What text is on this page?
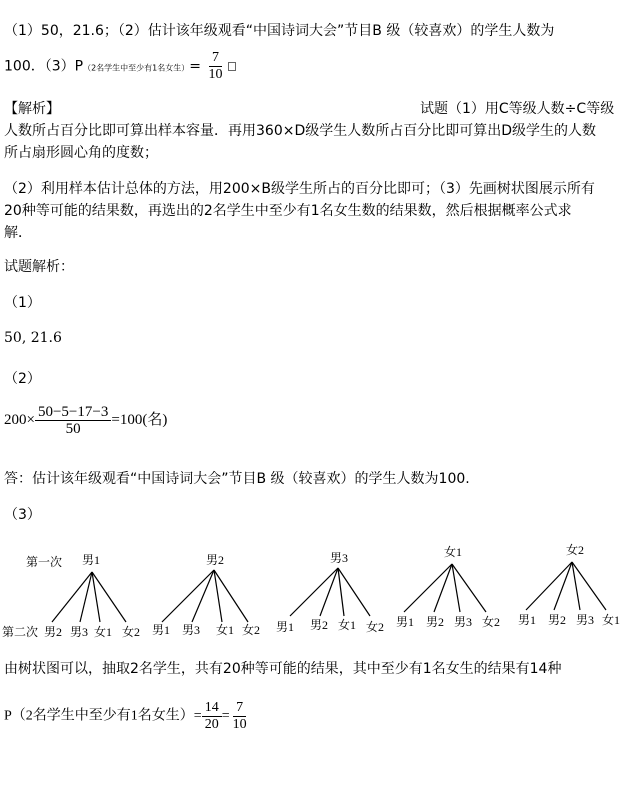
（1）50，21.6；（2）估计该年级观看“中国诗词大会”节目B 级（较喜欢）的学生人数为
100．（3）P（2名学生中至少有1名女生）= $\frac{7}{10}$
【解析】	试题（1）用C等级人数÷C等级
人数所占百分比即可算出样本容量．再用360×D级学生人数所占百分比即可算出D级学生的人数
所占扇形圆心角的度数；
（2）利用样本估计总体的方法，用200×B级学生所占的百分比即可；（3）先画树状图展示所有
20种等可能的结果数，再选出的2名学生中至少有1名女生数的结果数，然后根据概率公式求
解．
试题解析：
（1）
50, 21.6
（2）
$200\times \frac{50-5-17-3}{50} =100$(名)
答：估计该年级观看“中国诗词大会”节目B 级（较喜欢）的学生人数为100.
（3）
第一次
第二次
男1
男2 男3 女1 女2
男2
男1 男3 女1 女2
男3
男1 男2 女1 女2
女1
男1 男2 男3 女2
女2
男1 男2 男3 女1
由树状图可以，抽取2名学生，共有20种等可能的结果，其中至少有1名女生的结果有14种
P（2名学生中至少有1名女生）= $\frac{14}{20} = \frac{7}{10}$
